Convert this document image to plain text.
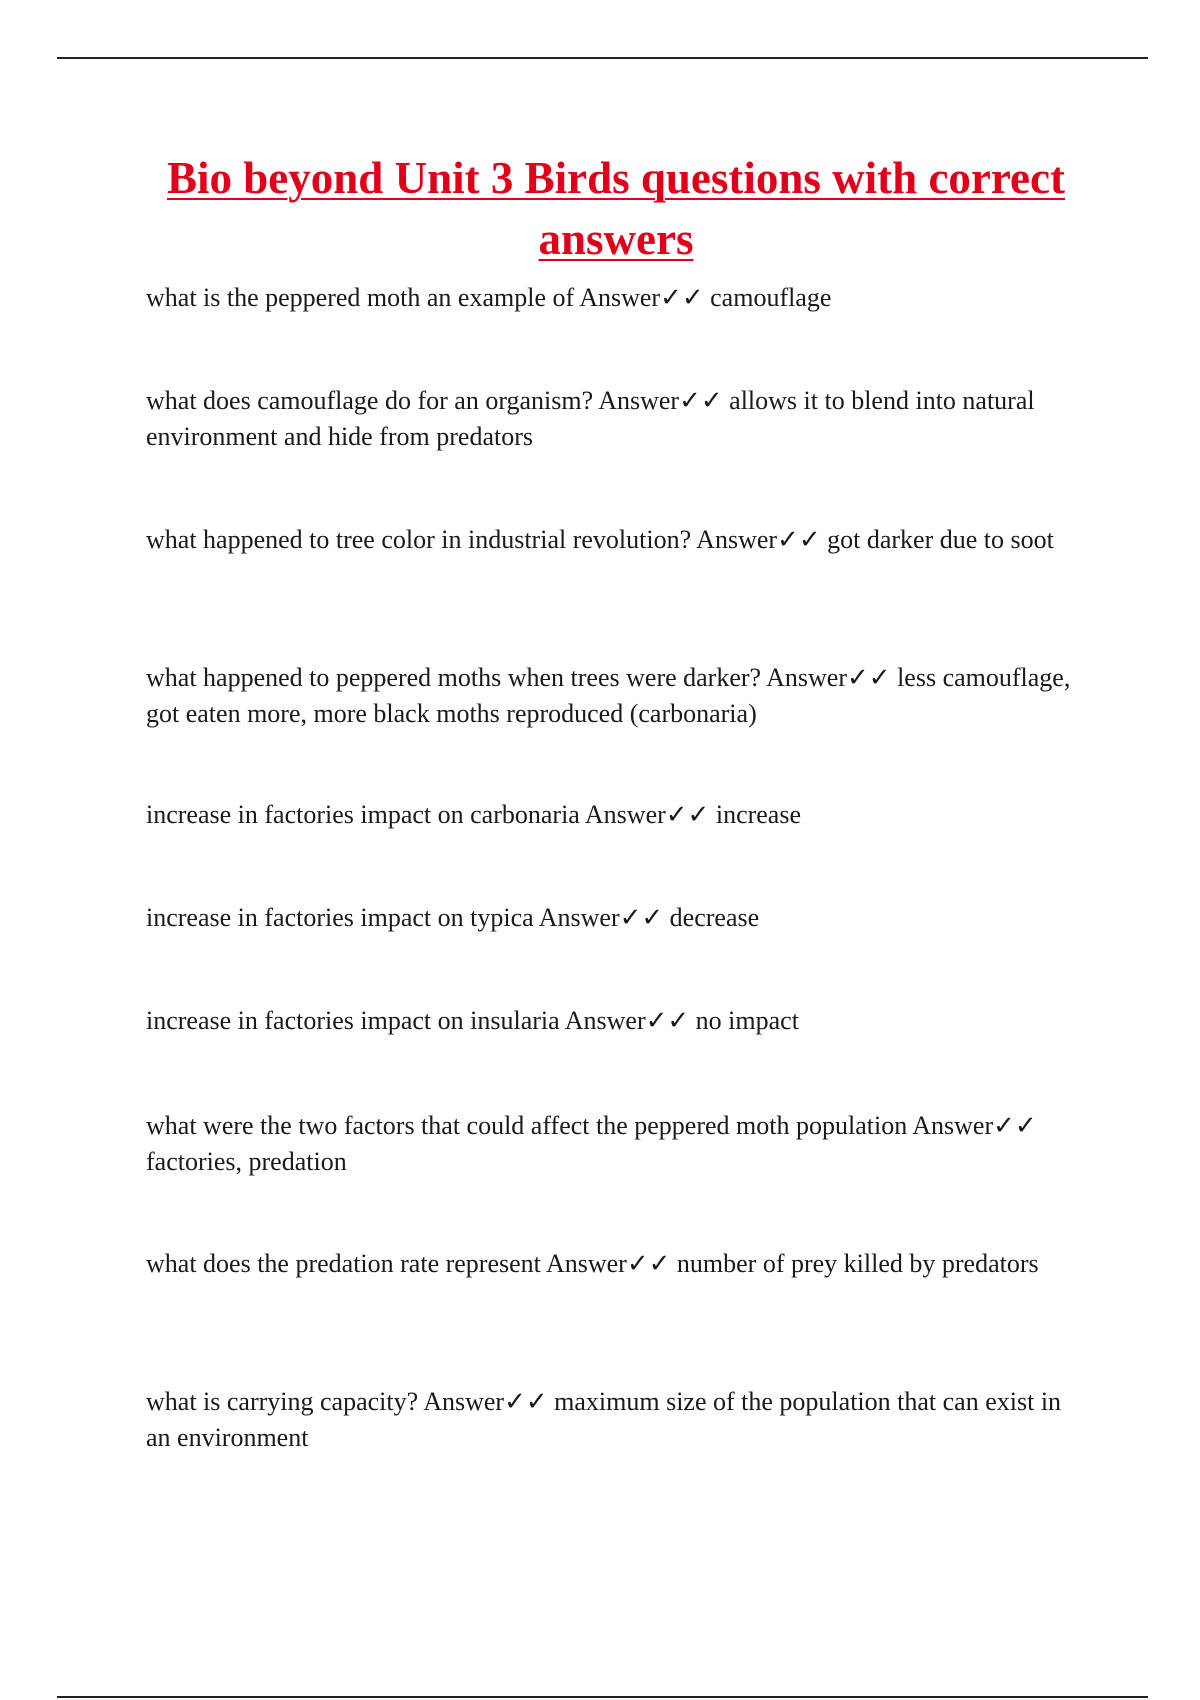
Bio beyond Unit 3 Birds questions with correct answers

what is the peppered moth an example of Answer✓✓ camouflage

what does camouflage do for an organism? Answer✓✓ allows it to blend into natural environment and hide from predators

what happened to tree color in industrial revolution? Answer✓✓ got darker due to soot

what happened to peppered moths when trees were darker? Answer✓✓ less camouflage, got eaten more, more black moths reproduced (carbonaria)

increase in factories impact on carbonaria Answer✓✓ increase

increase in factories impact on typica Answer✓✓ decrease

increase in factories impact on insularia Answer✓✓ no impact

what were the two factors that could affect the peppered moth population Answer✓✓ factories, predation

what does the predation rate represent Answer✓✓ number of prey killed by predators

what is carrying capacity? Answer✓✓ maximum size of the population that can exist in an environment
